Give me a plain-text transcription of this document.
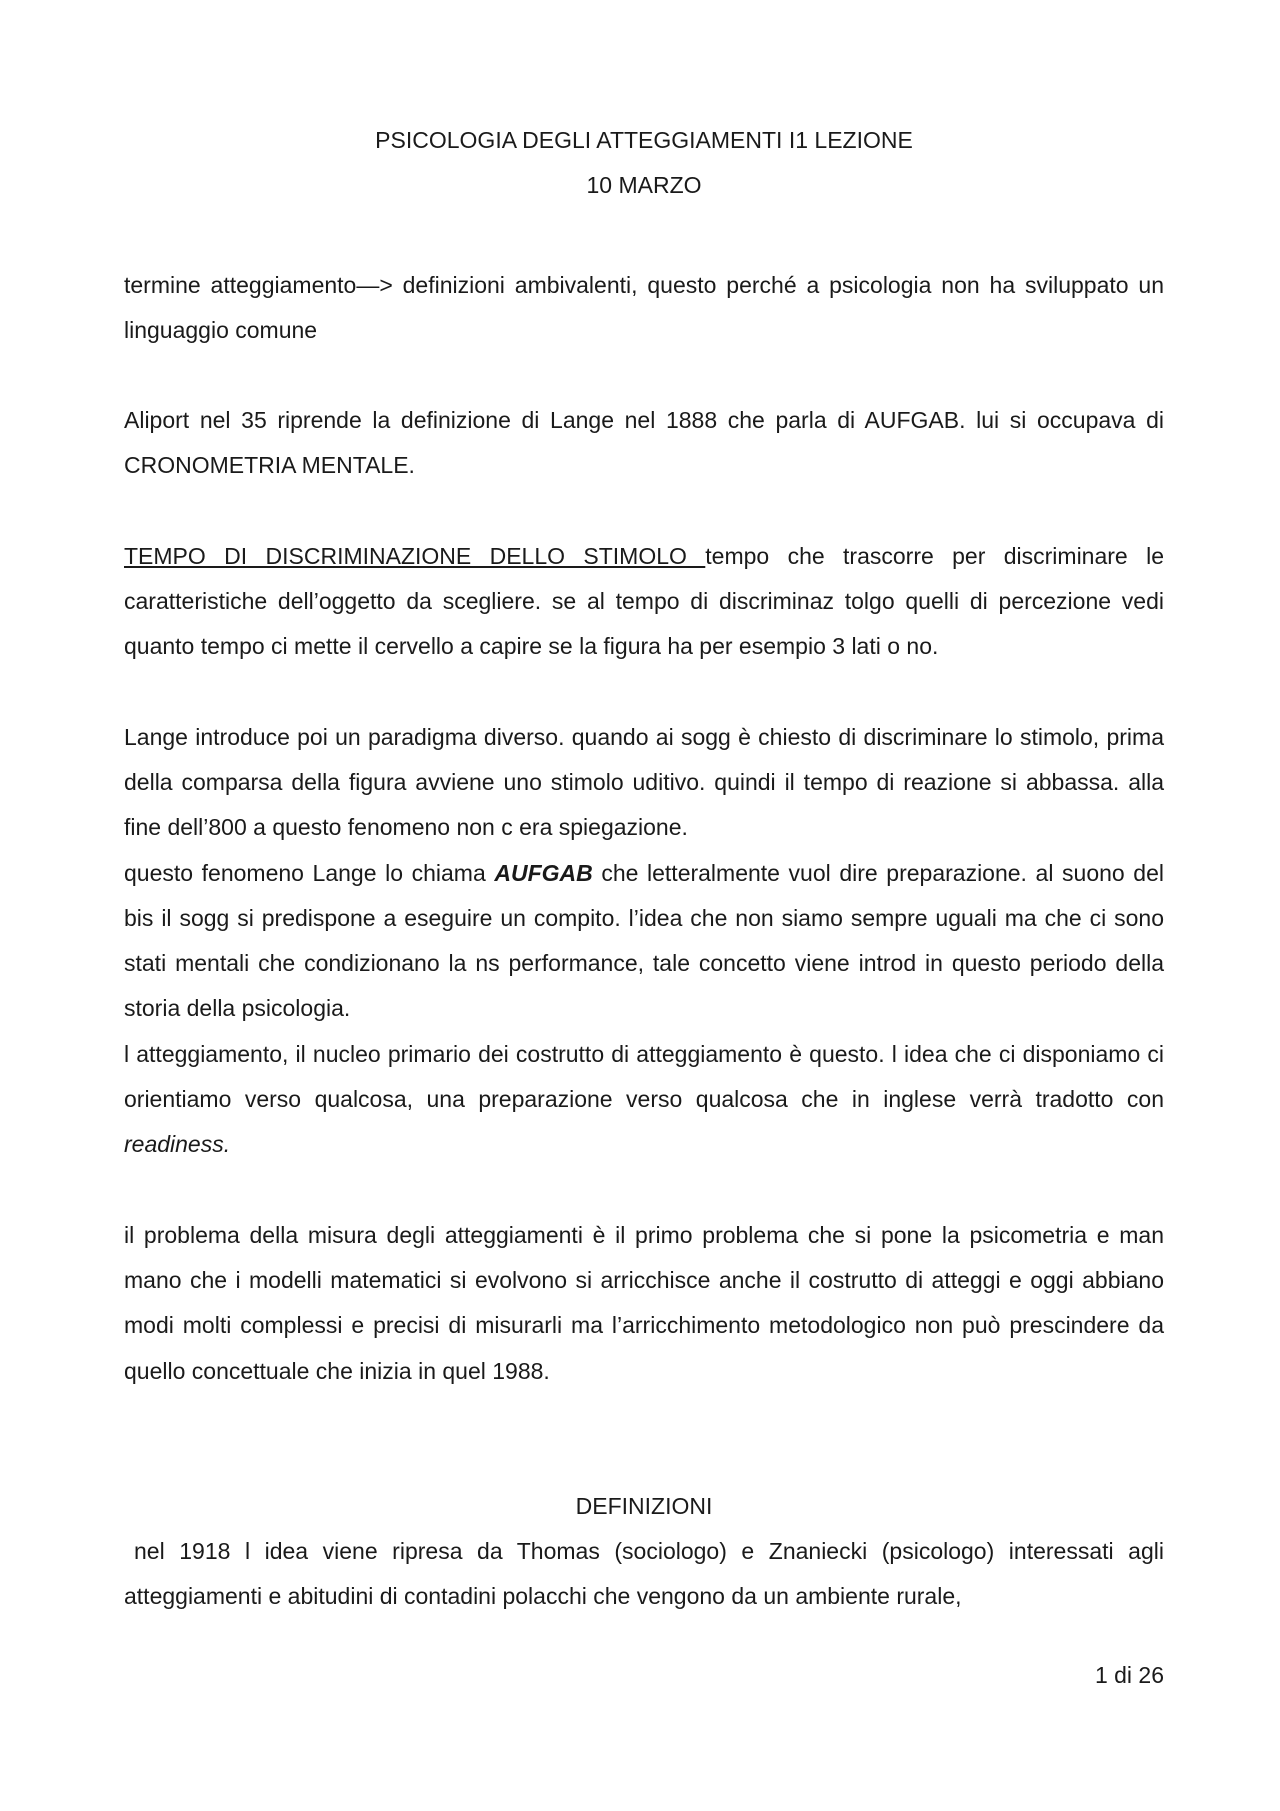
PSICOLOGIA DEGLI ATTEGGIAMENTI I1 LEZIONE

10 MARZO

termine atteggiamento—> definizioni ambivalenti, questo perché a psicologia non ha sviluppato un linguaggio comune

Aliport nel 35 riprende la definizione di Lange nel 1888 che parla di AUFGAB. lui si occupava di CRONOMETRIA MENTALE.

TEMPO DI DISCRIMINAZIONE DELLO STIMOLO tempo che trascorre per discriminare le caratteristiche dell’oggetto da scegliere. se al tempo di discriminaz tolgo quelli di percezione vedi quanto tempo ci mette il cervello a capire se la figura ha per esempio 3 lati o no.

Lange introduce poi un paradigma diverso. quando ai sogg è chiesto di discriminare lo stimolo, prima della comparsa della figura avviene uno stimolo uditivo. quindi il tempo di reazione si abbassa. alla fine dell’800 a questo fenomeno non c era spiegazione.

questo fenomeno Lange lo chiama AUFGAB che letteralmente vuol dire preparazione. al suono del bis il sogg si predispone a eseguire un compito. l’idea che non siamo sempre uguali ma che ci sono stati mentali che condizionano la ns performance, tale concetto viene introd in questo periodo della storia della psicologia.

l atteggiamento, il nucleo primario dei costrutto di atteggiamento è questo. l idea che ci disponiamo ci orientiamo verso qualcosa, una preparazione verso qualcosa che in inglese verrà tradotto con readiness.

il problema della misura degli atteggiamenti è il primo problema che si pone la psicometria e man mano che i modelli matematici si evolvono si arricchisce anche il costrutto di atteggi e oggi abbiano modi molti complessi e precisi di misurarli ma l’arricchimento metodologico non può prescindere da quello concettuale che inizia in quel 1988.

DEFINIZIONI

nel 1918 l idea viene ripresa da Thomas (sociologo) e Znaniecki (psicologo) interessati agli atteggiamenti e abitudini di contadini polacchi che vengono da un ambiente rurale,

1 di 26
